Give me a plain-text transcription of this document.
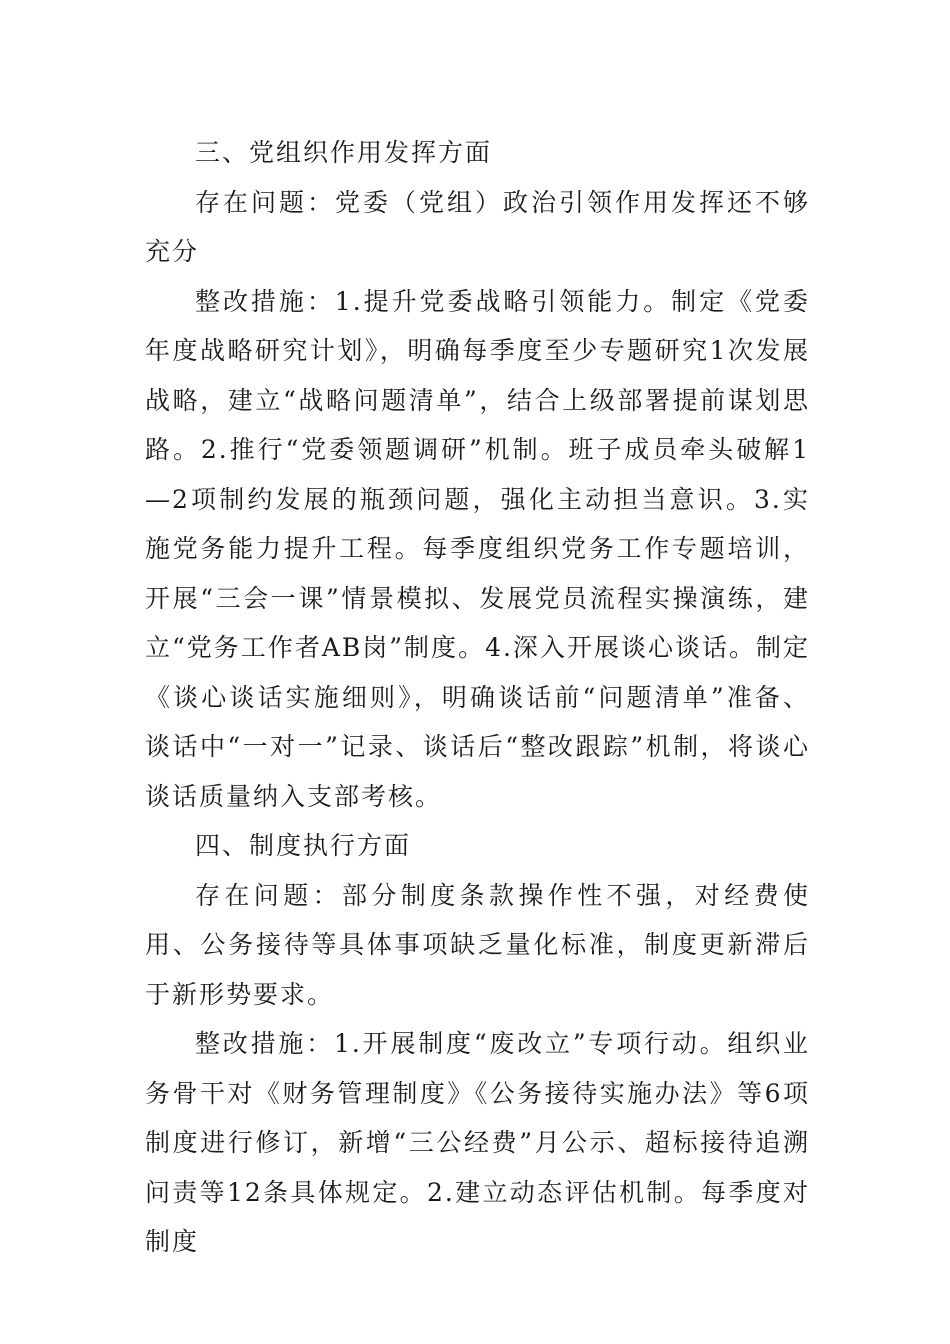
三、党组织作用发挥方面

存在问题：党委（党组）政治引领作用发挥还不够充分

整改措施：1.提升党委战略引领能力。制定《党委年度战略研究计划》，明确每季度至少专题研究1次发展战略，建立“战略问题清单”，结合上级部署提前谋划思路。2.推行“党委领题调研”机制。班子成员牵头破解1—2项制约发展的瓶颈问题，强化主动担当意识。3.实施党务能力提升工程。每季度组织党务工作专题培训，开展“三会一课”情景模拟、发展党员流程实操演练，建立“党务工作者AB岗”制度。4.深入开展谈心谈话。制定《谈心谈话实施细则》，明确谈话前“问题清单”准备、谈话中“一对一”记录、谈话后“整改跟踪”机制，将谈心谈话质量纳入支部考核。

四、制度执行方面

存在问题：部分制度条款操作性不强，对经费使用、公务接待等具体事项缺乏量化标准，制度更新滞后于新形势要求。

整改措施：1.开展制度“废改立”专项行动。组织业务骨干对《财务管理制度》《公务接待实施办法》等6项制度进行修订，新增“三公经费”月公示、超标接待追溯问责等12条具体规定。2.建立动态评估机制。每季度对制度
